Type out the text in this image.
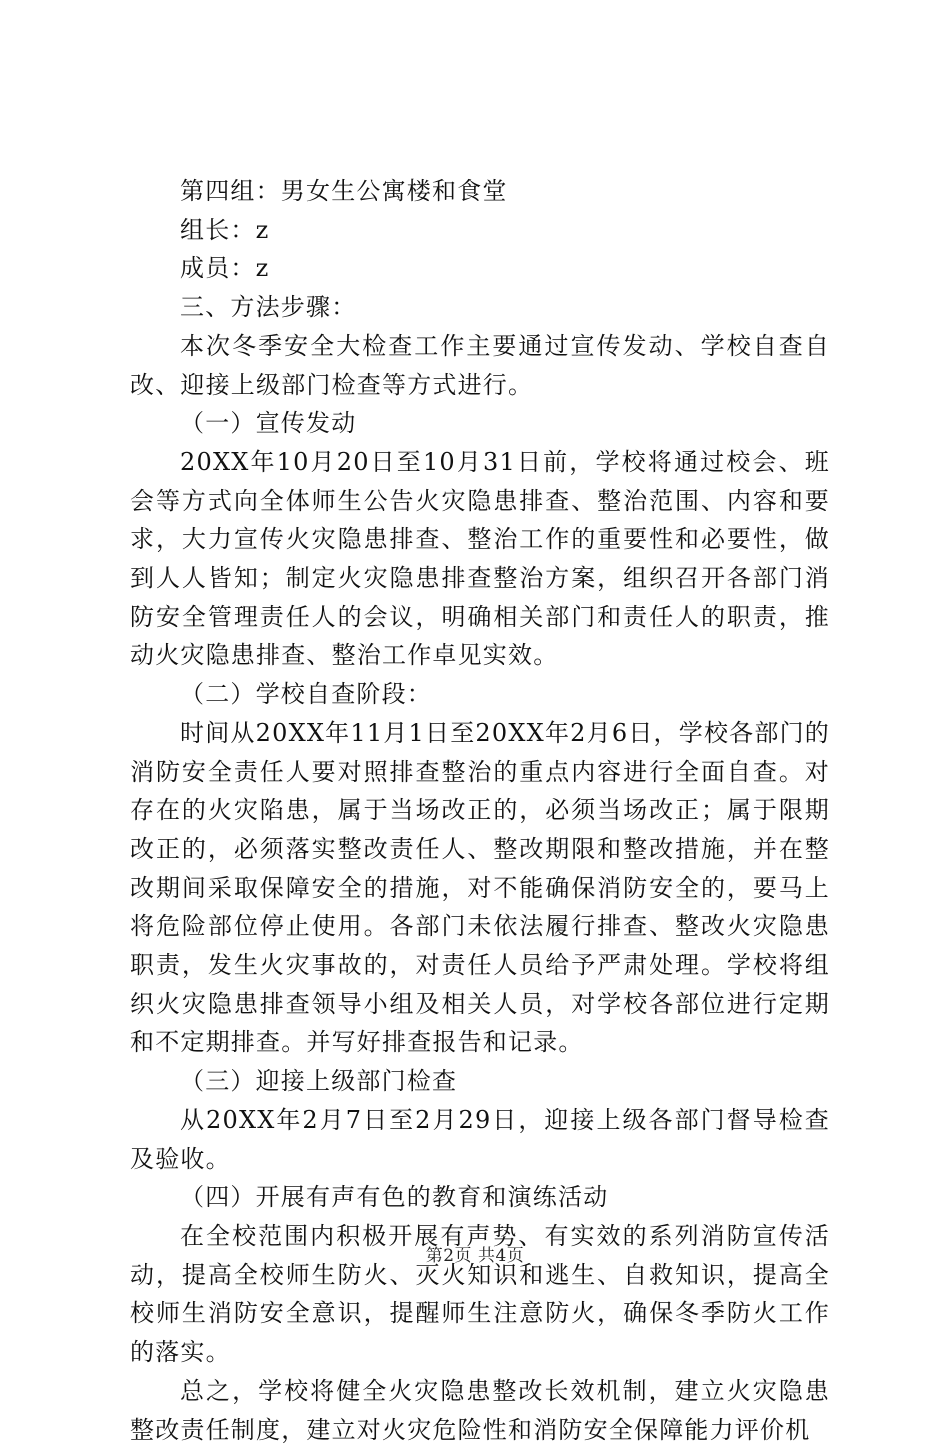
第四组：男女生公寓楼和食堂

组长：z

成员：z

三、方法步骤：

本次冬季安全大检查工作主要通过宣传发动、学校自查自改、迎接上级部门检查等方式进行。

（一）宣传发动

20XX年10月20日至10月31日前，学校将通过校会、班会等方式向全体师生公告火灾隐患排查、整治范围、内容和要求，大力宣传火灾隐患排查、整治工作的重要性和必要性，做到人人皆知；制定火灾隐患排查整治方案，组织召开各部门消防安全管理责任人的会议，明确相关部门和责任人的职责，推动火灾隐患排查、整治工作卓见实效。

（二）学校自查阶段：

时间从20XX年11月1日至20XX年2月6日，学校各部门的消防安全责任人要对照排查整治的重点内容进行全面自查。对存在的火灾陷患，属于当场改正的，必须当场改正；属于限期改正的，必须落实整改责任人、整改期限和整改措施，并在整改期间采取保障安全的措施，对不能确保消防安全的，要马上将危险部位停止使用。各部门未依法履行排查、整改火灾隐患职责，发生火灾事故的，对责任人员给予严肃处理。学校将组织火灾隐患排查领导小组及相关人员，对学校各部位进行定期和不定期排查。并写好排查报告和记录。

（三）迎接上级部门检查

从20XX年2月7日至2月29日，迎接上级各部门督导检查及验收。

（四）开展有声有色的教育和演练活动

在全校范围内积极开展有声势、有实效的系列消防宣传活动，提高全校师生防火、灭火知识和逃生、自救知识，提高全校师生消防安全意识，提醒师生注意防火，确保冬季防火工作的落实。

总之，学校将健全火灾隐患整改长效机制，建立火灾隐患整改责任制度，建立对火灾危险性和消防安全保障能力评价机

第2页 共4页
